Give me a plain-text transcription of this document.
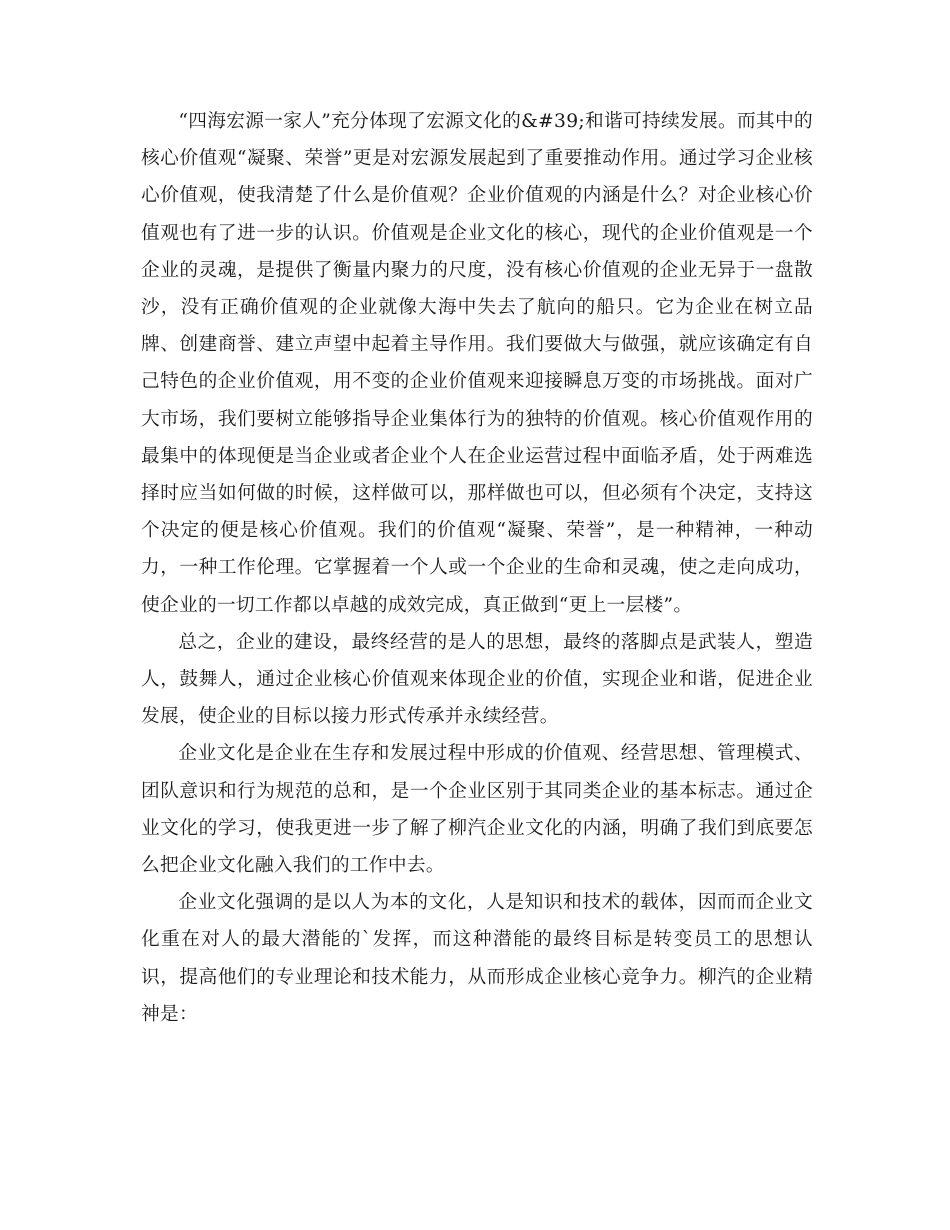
“四海宏源一家人”充分体现了宏源文化的&#39;和谐可持续发展。而其中的核心价值观“凝聚、荣誉”更是对宏源发展起到了重要推动作用。通过学习企业核心价值观，使我清楚了什么是价值观？企业价值观的内涵是什么？对企业核心价值观也有了进一步的认识。价值观是企业文化的核心，现代的企业价值观是一个企业的灵魂，是提供了衡量内聚力的尺度，没有核心价值观的企业无异于一盘散沙，没有正确价值观的企业就像大海中失去了航向的船只。它为企业在树立品牌、创建商誉、建立声望中起着主导作用。我们要做大与做强，就应该确定有自己特色的企业价值观，用不变的企业价值观来迎接瞬息万变的市场挑战。面对广大市场，我们要树立能够指导企业集体行为的独特的价值观。核心价值观作用的最集中的体现便是当企业或者企业个人在企业运营过程中面临矛盾，处于两难选择时应当如何做的时候，这样做可以，那样做也可以，但必须有个决定，支持这个决定的便是核心价值观。我们的价值观“凝聚、荣誉”，是一种精神，一种动力，一种工作伦理。它掌握着一个人或一个企业的生命和灵魂，使之走向成功，使企业的一切工作都以卓越的成效完成，真正做到“更上一层楼”。

总之，企业的建设，最终经营的是人的思想，最终的落脚点是武装人，塑造人，鼓舞人，通过企业核心价值观来体现企业的价值，实现企业和谐，促进企业发展，使企业的目标以接力形式传承并永续经营。

企业文化是企业在生存和发展过程中形成的价值观、经营思想、管理模式、团队意识和行为规范的总和，是一个企业区别于其同类企业的基本标志。通过企业文化的学习，使我更进一步了解了柳汽企业文化的内涵，明确了我们到底要怎么把企业文化融入我们的工作中去。

企业文化强调的是以人为本的文化，人是知识和技术的载体，因而而企业文化重在对人的最大潜能的`发挥，而这种潜能的最终目标是转变员工的思想认识，提高他们的专业理论和技术能力，从而形成企业核心竞争力。柳汽的企业精神是：
